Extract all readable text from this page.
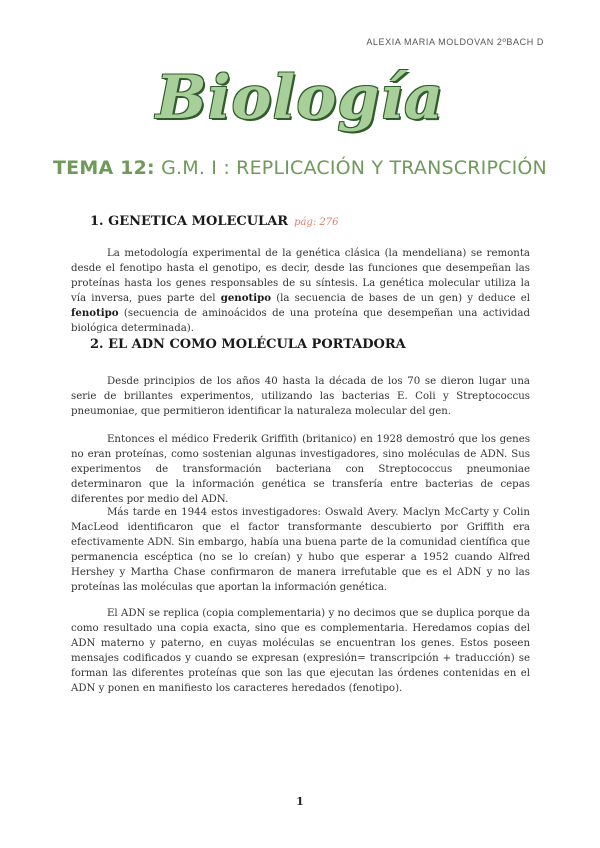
ALEXIA MARIA MOLDOVAN 2ºBACH D
Biología
TEMA 12: G.M. I : REPLICACIÓN Y TRANSCRIPCIÓN
1. GENETICA MOLECULAR pág: 276
La metodología experimental de la genética clásica (la mendeliana) se remonta desde el fenotipo hasta el genotipo, es decir, desde las funciones que desempeñan las proteínas hasta los genes responsables de su síntesis. La genética molecular utiliza la vía inversa, pues parte del genotipo (la secuencia de bases de un gen) y deduce el fenotipo (secuencia de aminoácidos de una proteína que desempeñan una actividad biológica determinada).
2. EL ADN COMO MOLÉCULA PORTADORA
Desde principios de los años 40 hasta la década de los 70 se dieron lugar una serie de brillantes experimentos, utilizando las bacterias E. Coli y Streptococcus pneumoniae, que permitieron identificar la naturaleza molecular del gen.
Entonces el médico Frederik Griffith (britanico) en 1928 demostró que los genes no eran proteínas, como sostenian algunas investigadores, sino moléculas de ADN. Sus experimentos de transformación bacteriana con Streptococcus pneumoniae determinaron que la información genética se transfería entre bacterias de cepas diferentes por medio del ADN.
Más tarde en 1944 estos investigadores: Oswald Avery. Maclyn McCarty y Colin MacLeod identificaron que el factor transformante descubierto por Griffith era efectivamente ADN. Sin embargo, había una buena parte de la comunidad científica que permanencia escéptica (no se lo creían) y hubo que esperar a 1952 cuando Alfred Hershey y Martha Chase confirmaron de manera irrefutable que es el ADN y no las proteínas las moléculas que aportan la información genética.
El ADN se replica (copia complementaria) y no decimos que se duplica porque da como resultado una copia exacta, sino que es complementaria. Heredamos copias del ADN materno y paterno, en cuyas moléculas se encuentran los genes. Estos poseen mensajes codificados y cuando se expresan (expresión= transcripción + traducción) se forman las diferentes proteínas que son las que ejecutan las órdenes contenidas en el ADN y ponen en manifiesto los caracteres heredados (fenotipo).
1
